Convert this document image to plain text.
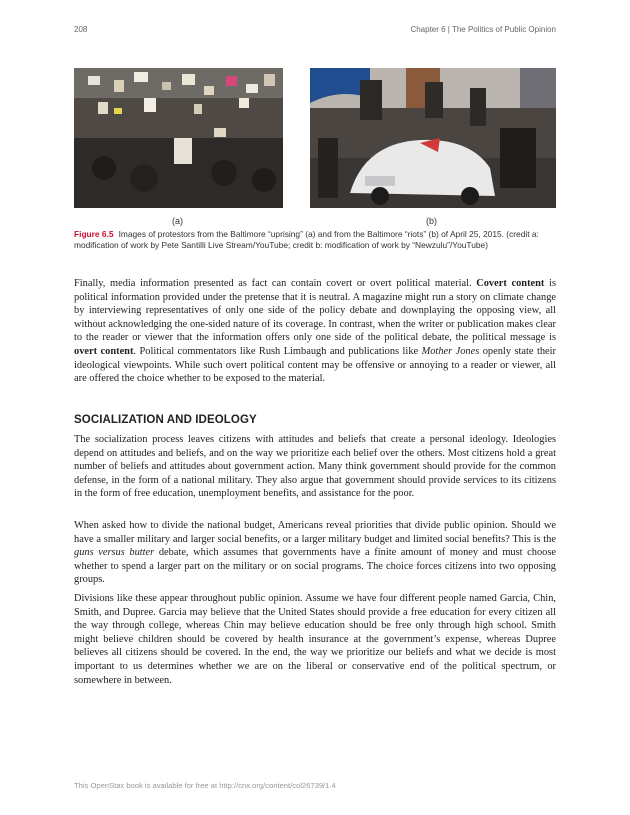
208	Chapter 6 | The Politics of Public Opinion
(a)	(b)
Figure 6.5 Images of protestors from the Baltimore “uprising” (a) and from the Baltimore “riots” (b) of April 25, 2015. (credit a: modification of work by Pete Santilli Live Stream/YouTube; credit b: modification of work by “Newzulu”/YouTube)

Finally, media information presented as fact can contain covert or overt political material. Covert content is political information provided under the pretense that it is neutral. A magazine might run a story on climate change by interviewing representatives of only one side of the policy debate and downplaying the opposing view, all without acknowledging the one-sided nature of its coverage. In contrast, when the writer or publication makes clear to the reader or viewer that the information offers only one side of the political debate, the political message is overt content. Political commentators like Rush Limbaugh and publications like Mother Jones openly state their ideological viewpoints. While such overt political content may be offensive or annoying to a reader or viewer, all are offered the choice whether to be exposed to the material.

SOCIALIZATION AND IDEOLOGY

The socialization process leaves citizens with attitudes and beliefs that create a personal ideology. Ideologies depend on attitudes and beliefs, and on the way we prioritize each belief over the others. Most citizens hold a great number of beliefs and attitudes about government action. Many think government should provide for the common defense, in the form of a national military. They also argue that government should provide services to its citizens in the form of free education, unemployment benefits, and assistance for the poor.

When asked how to divide the national budget, Americans reveal priorities that divide public opinion. Should we have a smaller military and larger social benefits, or a larger military budget and limited social benefits? This is the guns versus butter debate, which assumes that governments have a finite amount of money and must choose whether to spend a larger part on the military or on social programs. The choice forces citizens into two opposing groups.

Divisions like these appear throughout public opinion. Assume we have four different people named Garcia, Chin, Smith, and Dupree. Garcia may believe that the United States should provide a free education for every citizen all the way through college, whereas Chin may believe education should be free only through high school. Smith might believe children should be covered by health insurance at the government’s expense, whereas Dupree believes all citizens should be covered. In the end, the way we prioritize our beliefs and what we decide is most important to us determines whether we are on the liberal or conservative end of the political spectrum, or somewhere in between.

This OpenStax book is available for free at http://cnx.org/content/col26739/1.4
